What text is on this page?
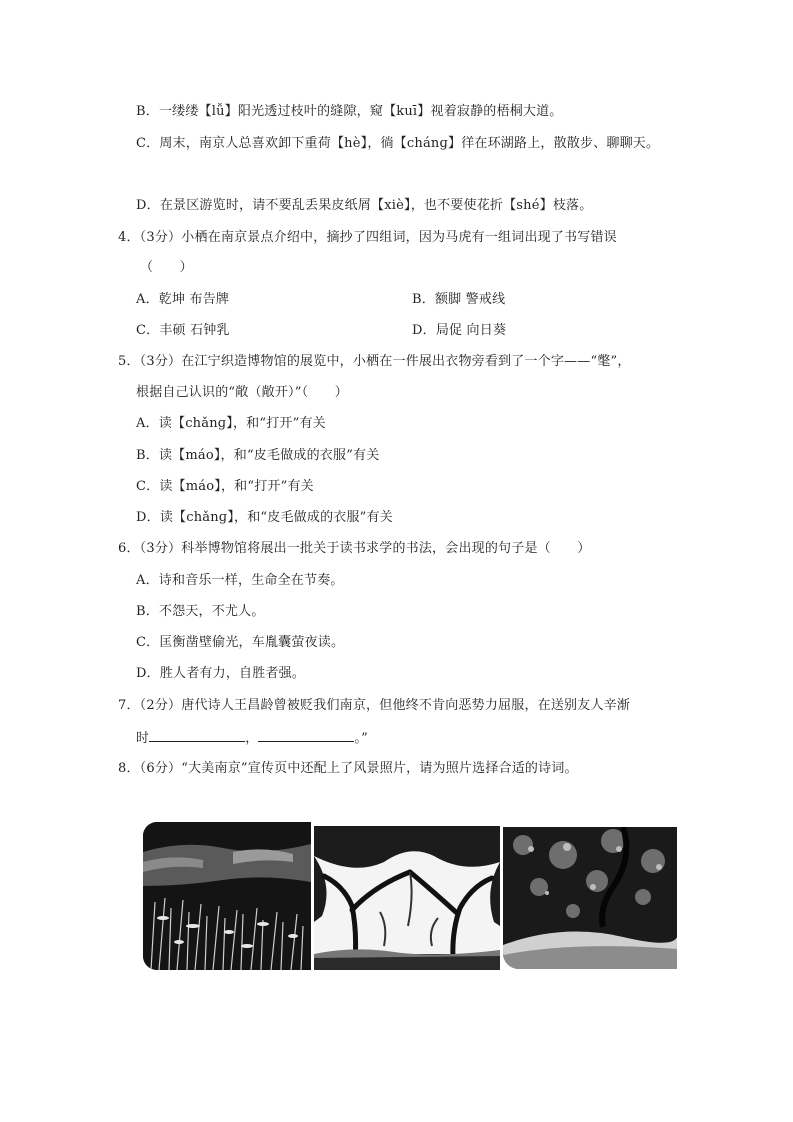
B．一缕缕【lǚ】阳光透过枝叶的缝隙，窥【kuī】视着寂静的梧桐大道。
C．周末，南京人总喜欢卸下重荷【hè】，徜【chánɡ】徉在环湖路上，散散步、聊聊天。
D．在景区游览时，请不要乱丢果皮纸屑【xiè】，也不要使花折【shé】枝落。
4．（3分）小栖在南京景点介绍中，摘抄了四组词，因为马虎有一组词出现了书写错误
（　　）
A．乾坤 布告牌	B．额脚 警戒线
C．丰硕 石钟乳	D．局促 向日葵
5．（3分）在江宁织造博物馆的展览中，小栖在一件展出衣物旁看到了一个字——“氅”，
根据自己认识的“敞（敞开）”（　　）
A．读【chǎnɡ】，和“打开”有关
B．读【máo】，和“皮毛做成的衣服”有关
C．读【máo】，和“打开”有关
D．读【chǎnɡ】，和“皮毛做成的衣服”有关
6．（3分）科举博物馆将展出一批关于读书求学的书法，会出现的句子是（　　）
A．诗和音乐一样，生命全在节奏。
B．不怨天，不尤人。
C．匡衡凿壁偷光，车胤囊萤夜读。
D．胜人者有力，自胜者强。
7．（2分）唐代诗人王昌龄曾被贬我们南京，但他终不肯向恶势力屈服，在送别友人辛渐
时	，	。”
8．（6分）“大美南京”宣传页中还配上了风景照片，请为照片选择合适的诗词。
